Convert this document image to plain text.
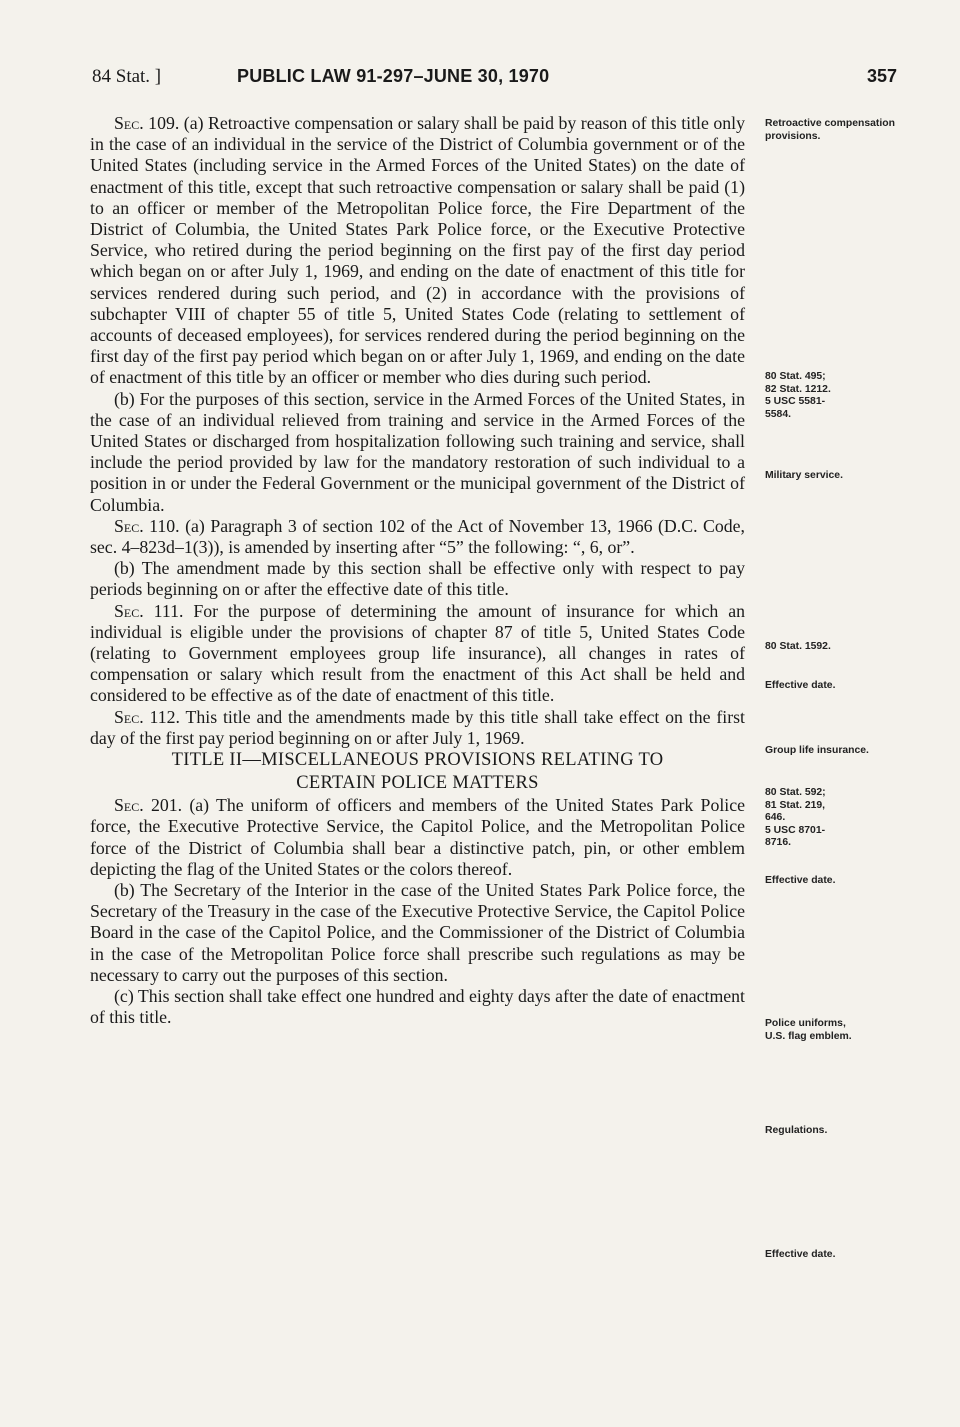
84 Stat. ]	PUBLIC LAW 91-297–JUNE 30, 1970	357

Sec. 109. (a) Retroactive compensation or salary shall be paid by reason of this title only in the case of an individual in the service of the District of Columbia government or of the United States (including service in the Armed Forces of the United States) on the date of enactment of this title, except that such retroactive compensation or salary shall be paid (1) to an officer or member of the Metropolitan Police force, the Fire Department of the District of Columbia, the United States Park Police force, or the Executive Protective Service, who retired during the period beginning on the first pay of the first day period which began on or after July 1, 1969, and ending on the date of enactment of this title for services rendered during such period, and (2) in accordance with the provisions of subchapter VIII of chapter 55 of title 5, United States Code (relating to settlement of accounts of deceased employees), for services rendered during the period beginning on the first day of the first pay period which began on or after July 1, 1969, and ending on the date of enactment of this title by an officer or member who dies during such period.

(b) For the purposes of this section, service in the Armed Forces of the United States, in the case of an individual relieved from training and service in the Armed Forces of the United States or discharged from hospitalization following such training and service, shall include the period provided by law for the mandatory restoration of such individual to a position in or under the Federal Government or the municipal government of the District of Columbia.

Sec. 110. (a) Paragraph 3 of section 102 of the Act of November 13, 1966 (D.C. Code, sec. 4–823d–1(3)), is amended by inserting after “5” the following: “, 6, or”.

(b) The amendment made by this section shall be effective only with respect to pay periods beginning on or after the effective date of this title.

Sec. 111. For the purpose of determining the amount of insurance for which an individual is eligible under the provisions of chapter 87 of title 5, United States Code (relating to Government employees group life insurance), all changes in rates of compensation or salary which result from the enactment of this Act shall be held and considered to be effective as of the date of enactment of this title.

Sec. 112. This title and the amendments made by this title shall take effect on the first day of the first pay period beginning on or after July 1, 1969.

TITLE II—MISCELLANEOUS PROVISIONS RELATING TO
CERTAIN POLICE MATTERS

Sec. 201. (a) The uniform of officers and members of the United States Park Police force, the Executive Protective Service, the Capitol Police, and the Metropolitan Police force of the District of Columbia shall bear a distinctive patch, pin, or other emblem depicting the flag of the United States or the colors thereof.

(b) The Secretary of the Interior in the case of the United States Park Police force, the Secretary of the Treasury in the case of the Executive Protective Service, the Capitol Police Board in the case of the Capitol Police, and the Commissioner of the District of Columbia in the case of the Metropolitan Police force shall prescribe such regulations as may be necessary to carry out the purposes of this section.

(c) This section shall take effect one hundred and eighty days after the date of enactment of this title.

Retroactive compensation provisions.
80 Stat. 495;
82 Stat. 1212.
5 USC 5581-
5584.
Military service.
80 Stat. 1592.
Effective date.
Group life insurance.
80 Stat. 592;
81 Stat. 219,
646.
5 USC 8701-
8716.
Effective date.
Police uniforms,
U.S. flag emblem.
Regulations.
Effective date.
